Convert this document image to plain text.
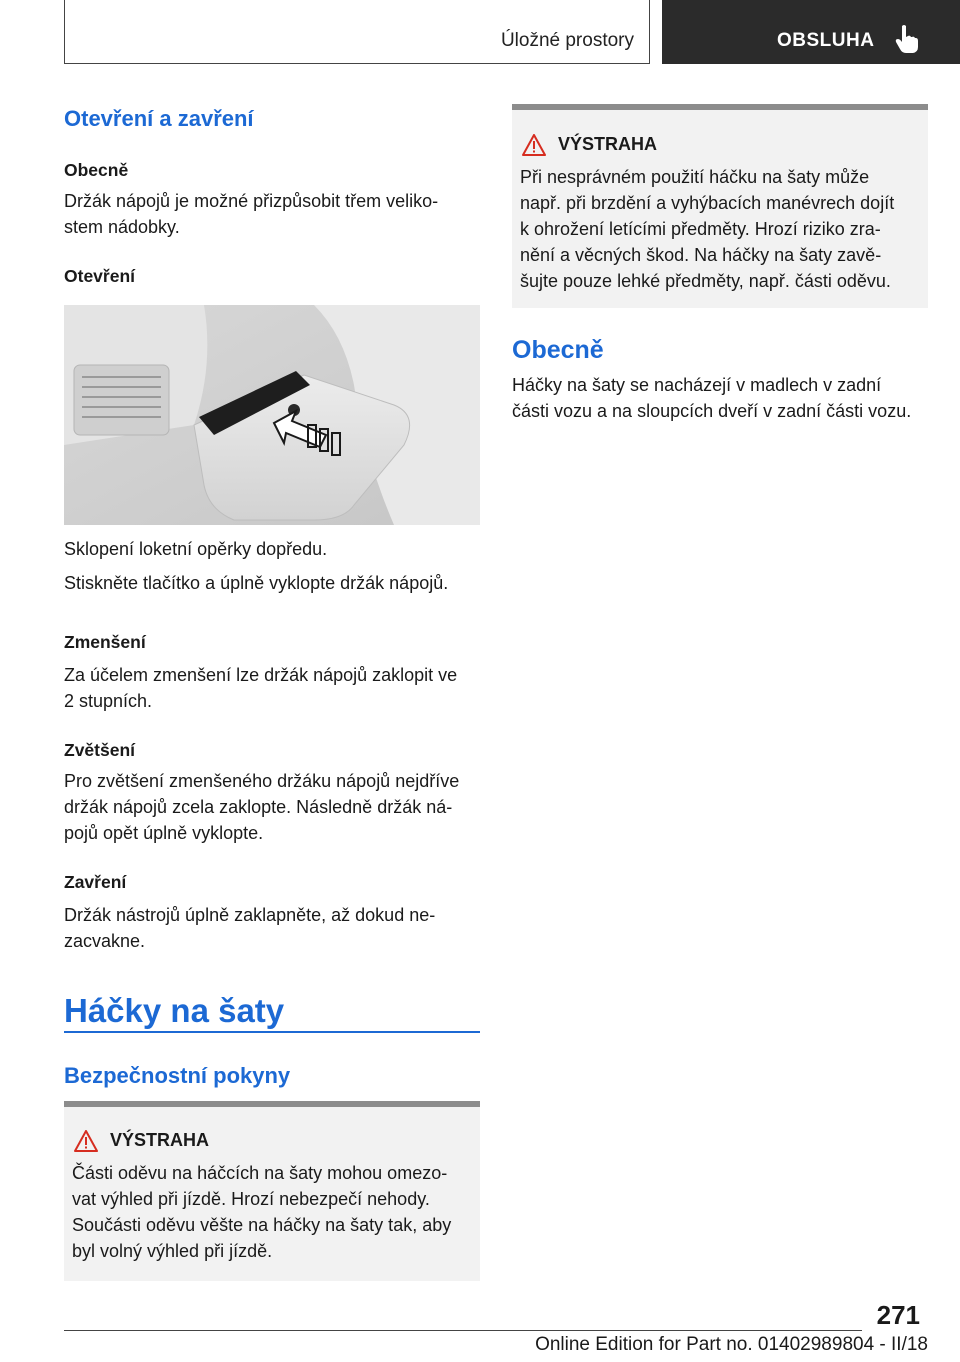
Úložné prostory	OBSLUHA
Otevření a zavření
Obecně
Držák nápojů je možné přizpůsobit třem veliko-
stem nádobky.
Otevření
Sklopení loketní opěrky dopředu.
Stiskněte tlačítko a úplně vyklopte držák nápojů.
Zmenšení
Za účelem zmenšení lze držák nápojů zaklopit ve
2 stupních.
Zvětšení
Pro zvětšení zmenšeného držáku nápojů nejdříve
držák nápojů zcela zaklopte. Následně držák ná-
pojů opět úplně vyklopte.
Zavření
Držák nástrojů úplně zaklapněte, až dokud ne-
zacvakne.
Háčky na šaty
Bezpečnostní pokyny
VÝSTRAHA
Části oděvu na háčcích na šaty mohou omezo-
vat výhled při jízdě. Hrozí nebezpečí nehody.
Součásti oděvu věšte na háčky na šaty tak, aby
byl volný výhled při jízdě.
VÝSTRAHA
Při nesprávném použití háčku na šaty může
např. při brzdění a vyhýbacích manévrech dojít
k ohrožení letícími předměty. Hrozí riziko zra-
nění a věcných škod. Na háčky na šaty zavě-
šujte pouze lehké předměty, např. části oděvu.
Obecně
Háčky na šaty se nacházejí v madlech v zadní
části vozu a na sloupcích dveří v zadní části vozu.
271
Online Edition for Part no. 01402989804 - II/18
